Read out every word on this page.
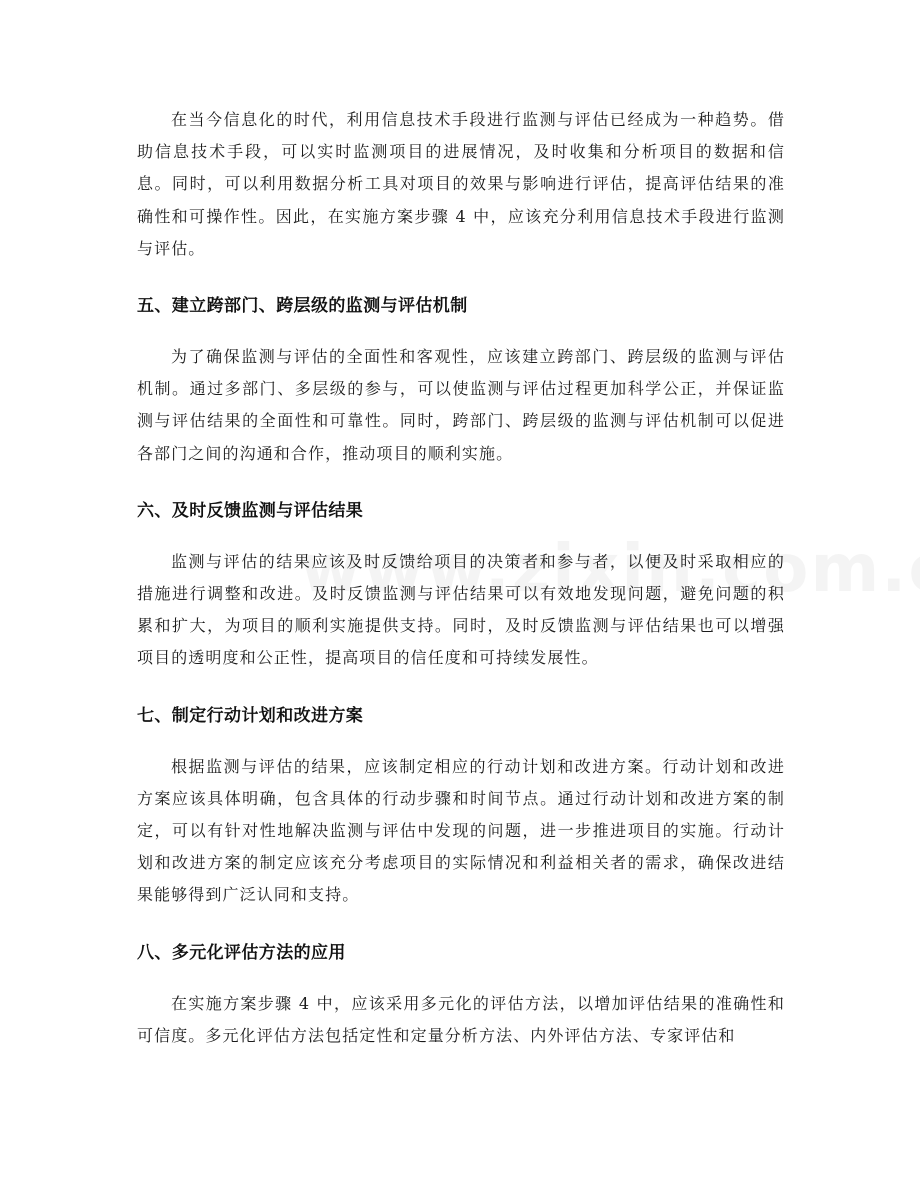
在当今信息化的时代，利用信息技术手段进行监测与评估已经成为一种趋势。借助信息技术手段，可以实时监测项目的进展情况，及时收集和分析项目的数据和信息。同时，可以利用数据分析工具对项目的效果与影响进行评估，提高评估结果的准确性和可操作性。因此，在实施方案步骤 4 中，应该充分利用信息技术手段进行监测与评估。

五、建立跨部门、跨层级的监测与评估机制

为了确保监测与评估的全面性和客观性，应该建立跨部门、跨层级的监测与评估机制。通过多部门、多层级的参与，可以使监测与评估过程更加科学公正，并保证监测与评估结果的全面性和可靠性。同时，跨部门、跨层级的监测与评估机制可以促进各部门之间的沟通和合作，推动项目的顺利实施。

六、及时反馈监测与评估结果

监测与评估的结果应该及时反馈给项目的决策者和参与者，以便及时采取相应的措施进行调整和改进。及时反馈监测与评估结果可以有效地发现问题，避免问题的积累和扩大，为项目的顺利实施提供支持。同时，及时反馈监测与评估结果也可以增强项目的透明度和公正性，提高项目的信任度和可持续发展性。

七、制定行动计划和改进方案

根据监测与评估的结果，应该制定相应的行动计划和改进方案。行动计划和改进方案应该具体明确，包含具体的行动步骤和时间节点。通过行动计划和改进方案的制定，可以有针对性地解决监测与评估中发现的问题，进一步推进项目的实施。行动计划和改进方案的制定应该充分考虑项目的实际情况和利益相关者的需求，确保改进结果能够得到广泛认同和支持。

八、多元化评估方法的应用

在实施方案步骤 4 中，应该采用多元化的评估方法，以增加评估结果的准确性和可信度。多元化评估方法包括定性和定量分析方法、内外评估方法、专家评估和
